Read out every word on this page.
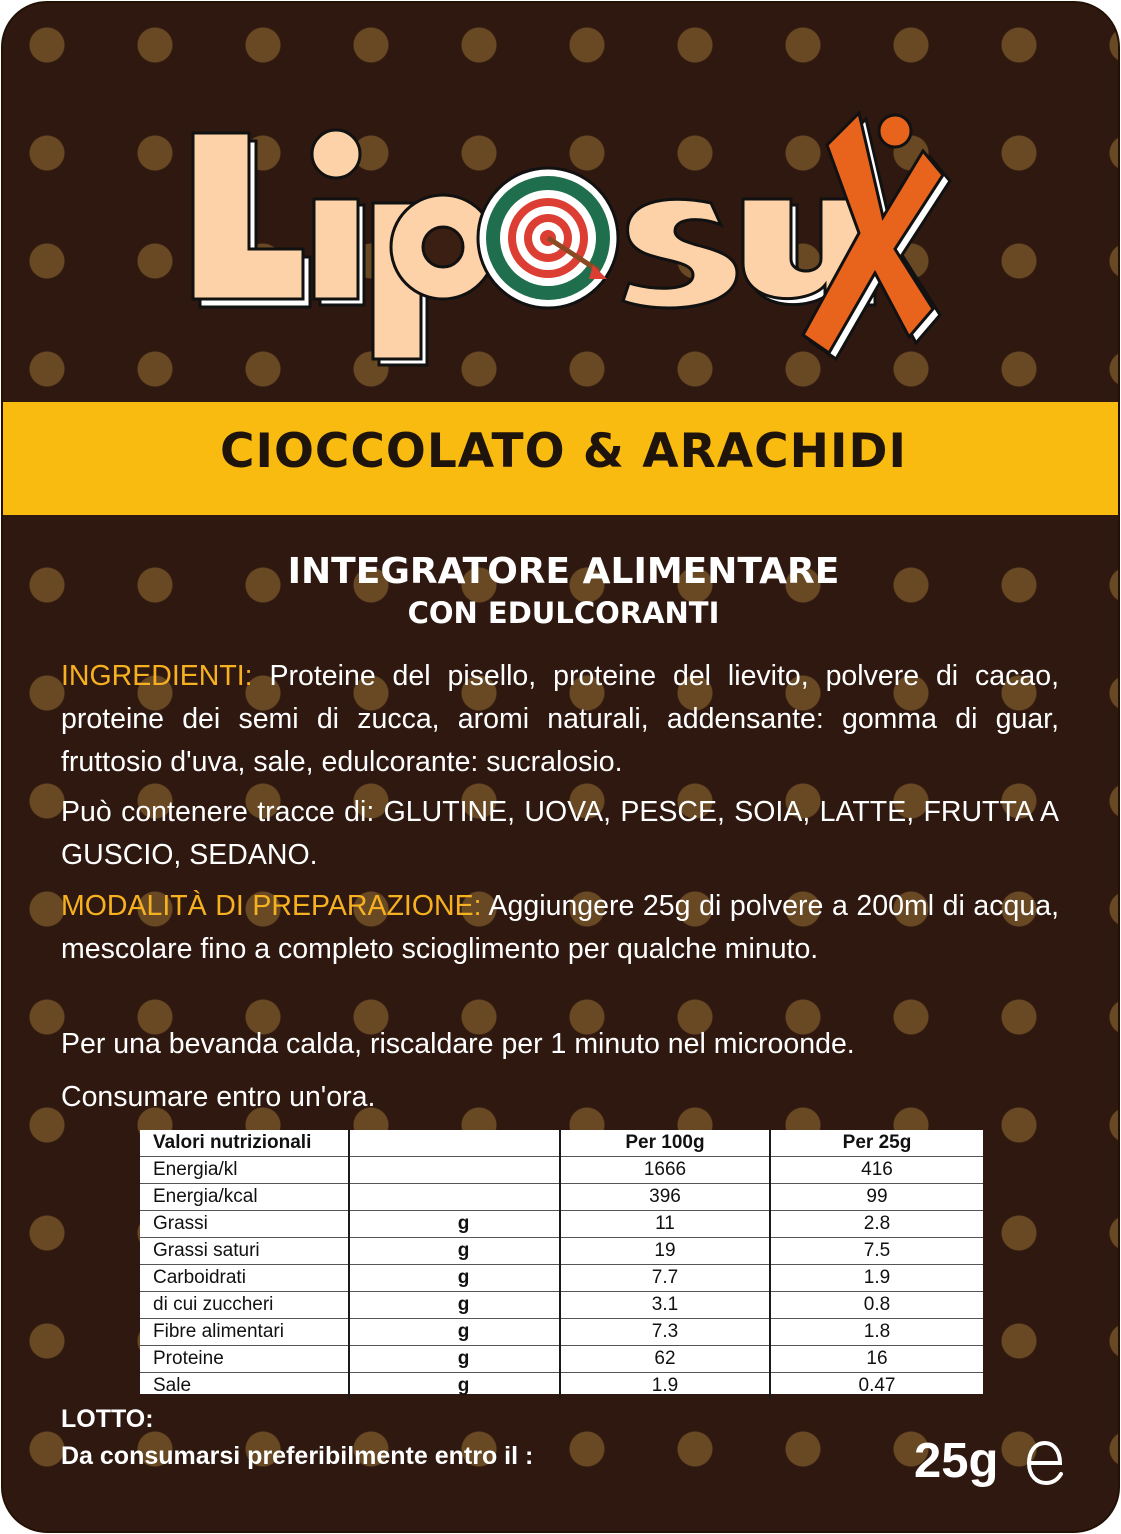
CIOCCOLATO & ARACHIDI
INTEGRATORE ALIMENTARE
CON EDULCORANTI

INGREDIENTI: Proteine del pisello, proteine del lievito, polvere di cacao, proteine dei semi di zucca, aromi naturali, addensante: gomma di guar, fruttosio d'uva, sale, edulcorante: sucralosio.

Può contenere tracce di: GLUTINE, UOVA, PESCE, SOIA, LATTE, FRUTTA A GUSCIO, SEDANO.

MODALITÀ DI PREPARAZIONE: Aggiungere 25g di polvere a 200ml di acqua, mescolare fino a completo scioglimento per qualche minuto.

Per una bevanda calda, riscaldare per 1 minuto nel microonde.

Consumare entro un'ora.

Valori nutrizionali		Per 100g	Per 25g
Energia/kl		1666	416
Energia/kcal		396	99
Grassi	g	11	2.8
Grassi saturi	g	19	7.5
Carboidrati	g	7.7	1.9
di cui zuccheri	g	3.1	0.8
Fibre alimentari	g	7.3	1.8
Proteine	g	62	16
Sale	g	1.9	0.47
LOTTO:
Da consumarsi preferibilmente entro il :	25g
